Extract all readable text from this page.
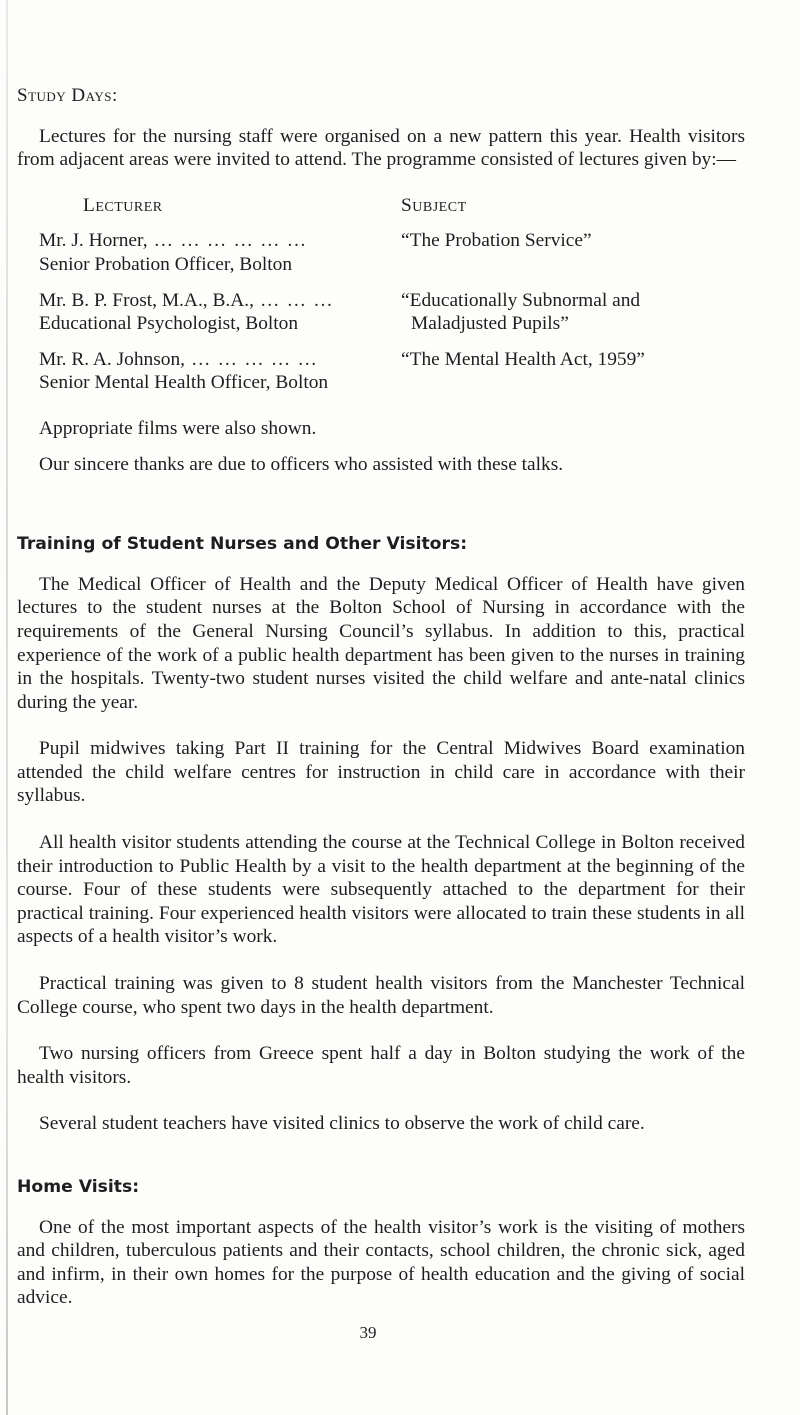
Study Days:

Lectures for the nursing staff were organised on a new pattern this year. Health visitors from adjacent areas were invited to attend. The programme consisted of lectures given by:—

Lecturer	Subject
Mr. J. Horner, … … … … … …
Senior Probation Officer, Bolton
“The Probation Service”
Mr. B. P. Frost, M.A., B.A., … … …
Educational Psychologist, Bolton
“Educationally Subnormal and
Maladjusted Pupils”
Mr. R. A. Johnson, … … … … …
Senior Mental Health Officer, Bolton
“The Mental Health Act, 1959”

Appropriate films were also shown.

Our sincere thanks are due to officers who assisted with these talks.

Training of Student Nurses and Other Visitors:

The Medical Officer of Health and the Deputy Medical Officer of Health have given lectures to the student nurses at the Bolton School of Nursing in accordance with the requirements of the General Nursing Council’s syllabus. In addition to this, practical experience of the work of a public health department has been given to the nurses in training in the hospitals. Twenty-two student nurses visited the child welfare and ante-natal clinics during the year.

Pupil midwives taking Part II training for the Central Midwives Board examination attended the child welfare centres for instruction in child care in accordance with their syllabus.

All health visitor students attending the course at the Technical College in Bolton received their introduction to Public Health by a visit to the health department at the beginning of the course. Four of these students were subsequently attached to the department for their practical training. Four experienced health visitors were allocated to train these students in all aspects of a health visitor’s work.

Practical training was given to 8 student health visitors from the Manchester Technical College course, who spent two days in the health department.

Two nursing officers from Greece spent half a day in Bolton studying the work of the health visitors.

Several student teachers have visited clinics to observe the work of child care.

Home Visits:

One of the most important aspects of the health visitor’s work is the visiting of mothers and children, tuberculous patients and their contacts, school children, the chronic sick, aged and infirm, in their own homes for the purpose of health education and the giving of social advice.

39
